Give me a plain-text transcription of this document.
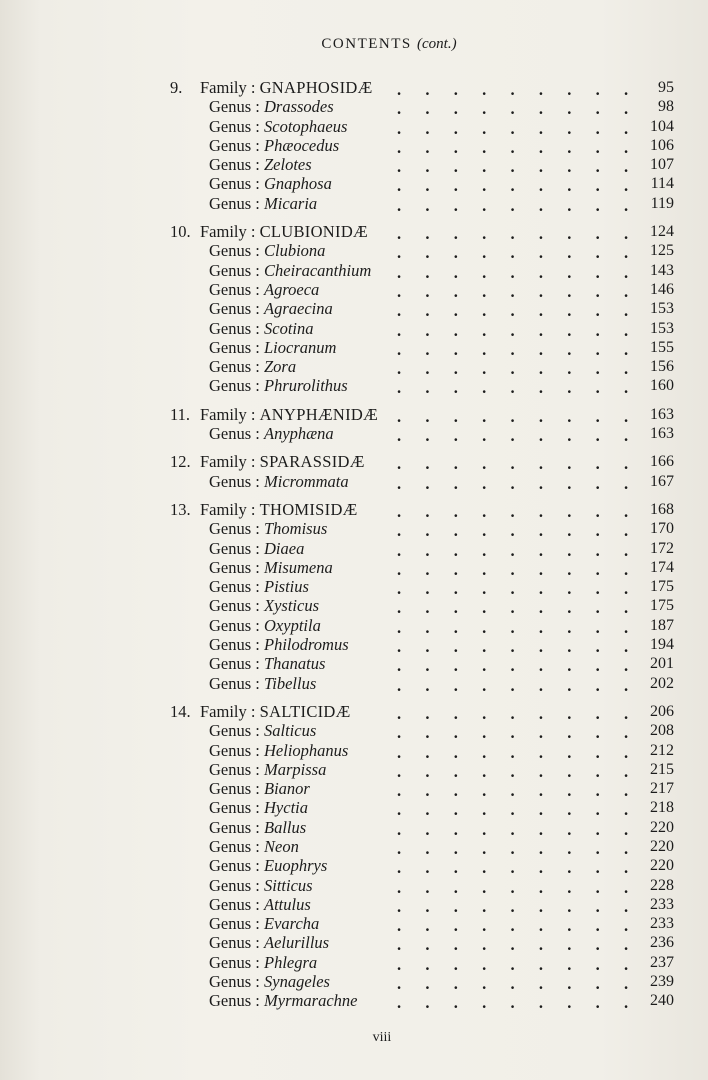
CONTENTS (cont.)
9. Family : GNAPHOSIDÆ . . . . . . . . .	95
Genus : Drassodes	. . . . . . . . .	98
Genus : Scotophaeus	. . . . . . . . .	104
Genus : Phæocedus	. . . . . . . . .	106
Genus : Zelotes	. . . . . . . . .	107
Genus : Gnaphosa	. . . . . . . . .	114
Genus : Micaria	. . . . . . . . .	119
10. Family : CLUBIONIDÆ . . . . . . . . .	124
Genus : Clubiona	. . . . . . . . .	125
Genus : Cheiracanthium . . . . . . . . .	143
Genus : Agroeca	. . . . . . . . .	146
Genus : Agraecina	. . . . . . . . .	153
Genus : Scotina	. . . . . . . . .	153
Genus : Liocranum	. . . . . . . . .	155
Genus : Zora	. . . . . . . . .	156
Genus : Phrurolithus	. . . . . . . . .	160
11. Family : ANYPHÆNIDÆ . . . . . . . . .	163
Genus : Anyphæna	. . . . . . . . .	163
12. Family : SPARASSIDÆ . . . . . . . . .	166
Genus : Micrommata	. . . . . . . . .	167
13. Family : THOMISIDÆ . . . . . . . . .	168
Genus : Thomisus	. . . . . . . . .	170
Genus : Diaea	. . . . . . . . .	172
Genus : Misumena	. . . . . . . . .	174
Genus : Pistius	. . . . . . . . .	175
Genus : Xysticus	. . . . . . . . .	175
Genus : Oxyptila	. . . . . . . . .	187
Genus : Philodromus	. . . . . . . . .	194
Genus : Thanatus	. . . . . . . . .	201
Genus : Tibellus	. . . . . . . . .	202
14. Family : SALTICIDÆ	. . . . . . . . .	206
Genus : Salticus	. . . . . . . . .	208
Genus : Heliophanus	. . . . . . . . .	212
Genus : Marpissa	. . . . . . . . .	215
Genus : Bianor	. . . . . . . . .	217
Genus : Hyctia	. . . . . . . . .	218
Genus : Ballus	. . . . . . . . .	220
Genus : Neon	. . . . . . . . .	220
Genus : Euophrys	. . . . . . . . .	220
Genus : Sitticus	. . . . . . . . .	228
Genus : Attulus	. . . . . . . . .	233
Genus : Evarcha	. . . . . . . . .	233
Genus : Aelurillus	. . . . . . . . .	236
Genus : Phlegra	. . . . . . . . .	237
Genus : Synageles	. . . . . . . . .	239
Genus : Myrmarachne . . . . . . . . .	240
viii
